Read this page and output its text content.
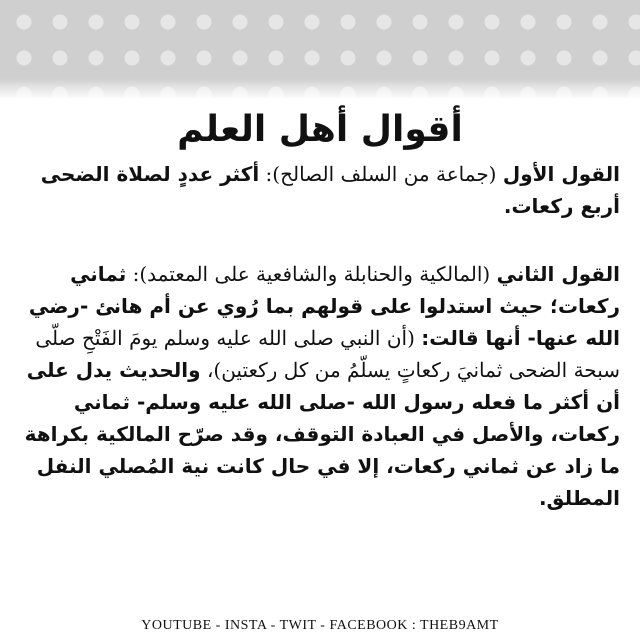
أقوال أهل العلم

القول الأول (جماعة من السلف الصالح): أكثر عددٍ لصلاة الضحى أربع ركعات.

القول الثاني (المالكية والحنابلة والشافعية على المعتمد): ثماني ركعات؛ حيث استدلوا على قولهم بما رُوي عن أم هانئ -رضي الله عنها- أنها قالت: (أن النبي صلى الله عليه وسلم يومَ الفَتْحِ صلّى سبحة الضحى ثمانيَ ركعاتٍ يسلّمُ من كل ركعتين)، والحديث يدل على أن أكثر ما فعله رسول الله -صلى الله عليه وسلم- ثماني ركعات، والأصل في العبادة التوقف، وقد صرّح المالكية بكراهة ما زاد عن ثماني ركعات، إلا في حال كانت نية المُصلي النفل المطلق.

YOUTUBE - INSTA - TWIT - FACEBOOK : THEB9AMT
